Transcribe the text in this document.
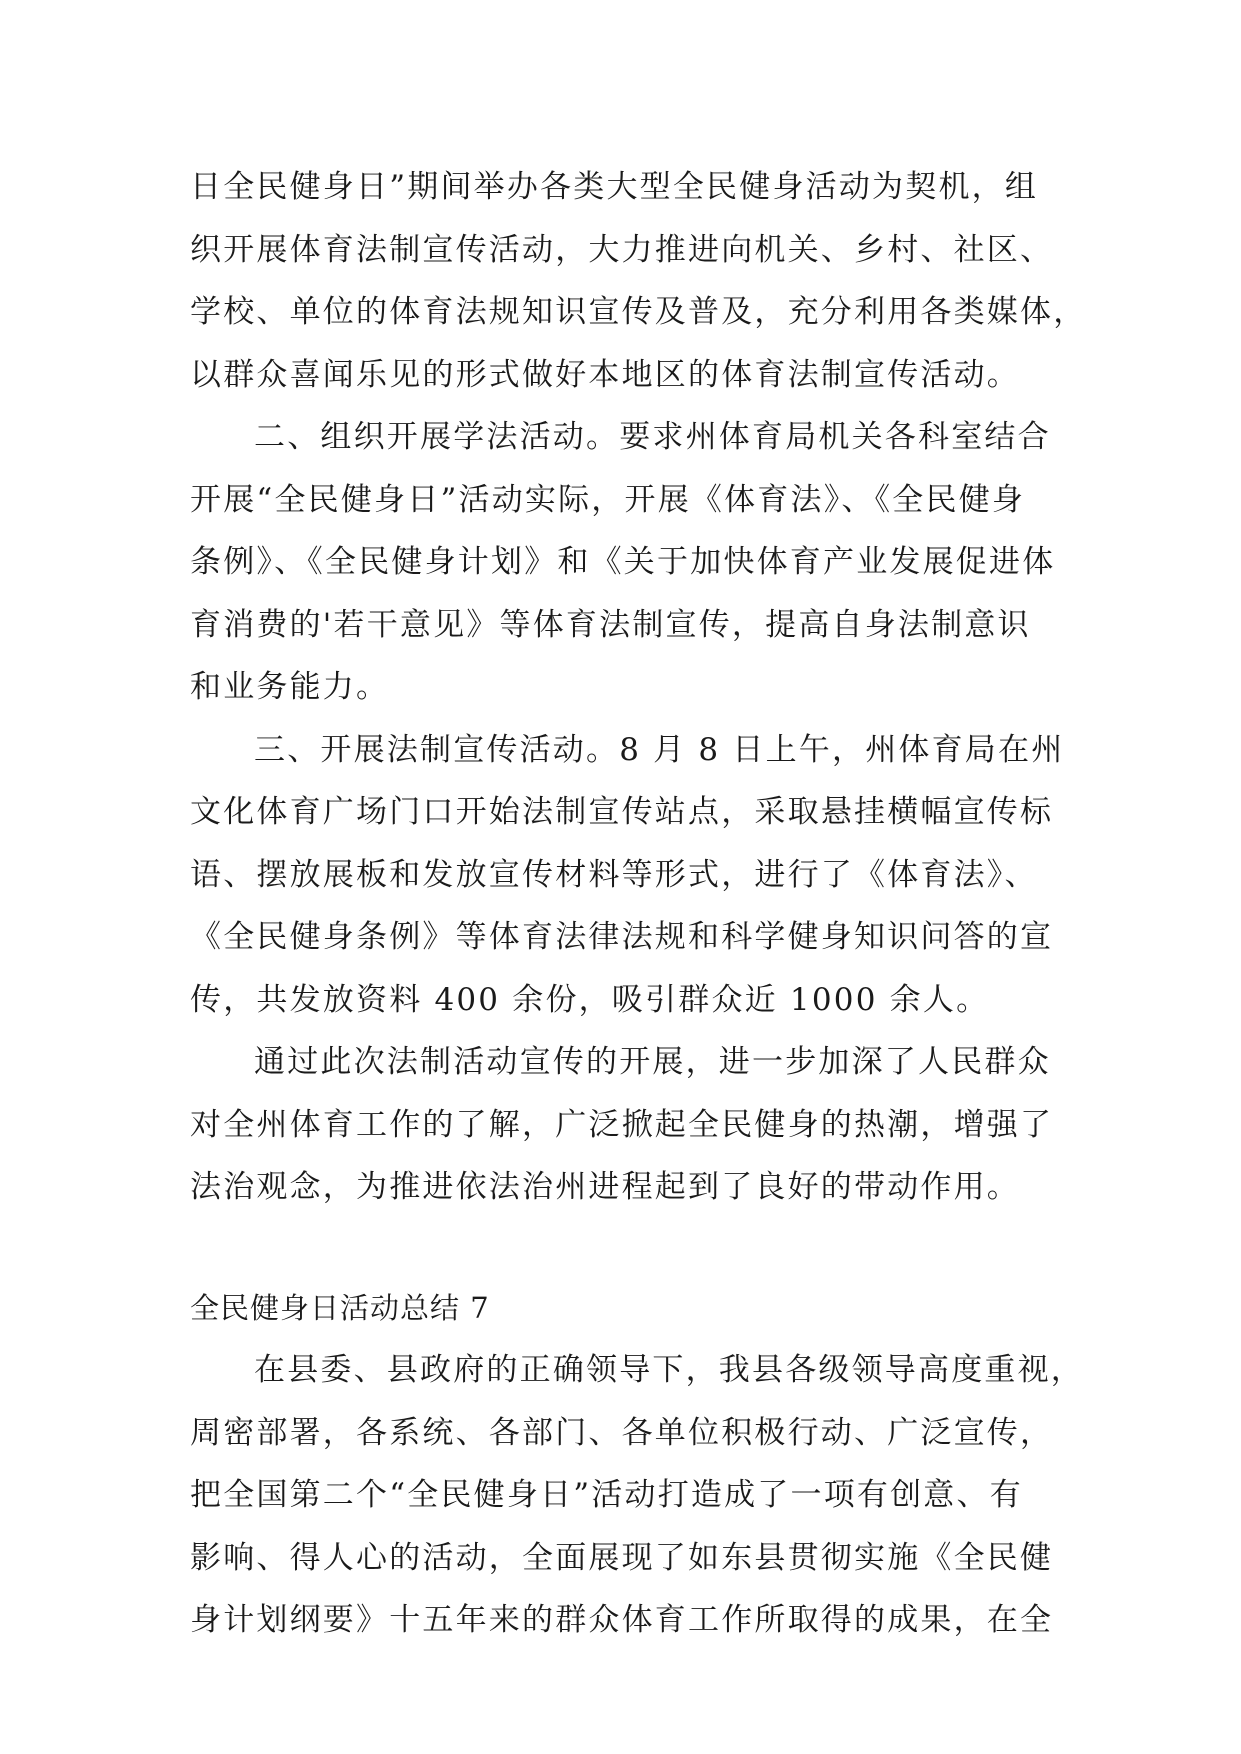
日全民健身日”期间举办各类大型全民健身活动为契机，组
织开展体育法制宣传活动，大力推进向机关、乡村、社区、
学校、单位的体育法规知识宣传及普及，充分利用各类媒体，
以群众喜闻乐见的形式做好本地区的体育法制宣传活动。
二、组织开展学法活动。要求州体育局机关各科室结合
开展“全民健身日”活动实际，开展《体育法》、《全民健身
条例》、《全民健身计划》和《关于加快体育产业发展促进体
育消费的'若干意见》等体育法制宣传，提高自身法制意识
和业务能力。
三、开展法制宣传活动。8 月 8 日上午，州体育局在州
文化体育广场门口开始法制宣传站点，采取悬挂横幅宣传标
语、摆放展板和发放宣传材料等形式，进行了《体育法》、
《全民健身条例》等体育法律法规和科学健身知识问答的宣
传，共发放资料 400 余份，吸引群众近 1000 余人。
通过此次法制活动宣传的开展，进一步加深了人民群众
对全州体育工作的了解，广泛掀起全民健身的热潮，增强了
法治观念，为推进依法治州进程起到了良好的带动作用。
全民健身日活动总结 7
在县委、县政府的正确领导下，我县各级领导高度重视，
周密部署，各系统、各部门、各单位积极行动、广泛宣传，
把全国第二个“全民健身日”活动打造成了一项有创意、有
影响、得人心的活动，全面展现了如东县贯彻实施《全民健
身计划纲要》十五年来的群众体育工作所取得的成果，在全
